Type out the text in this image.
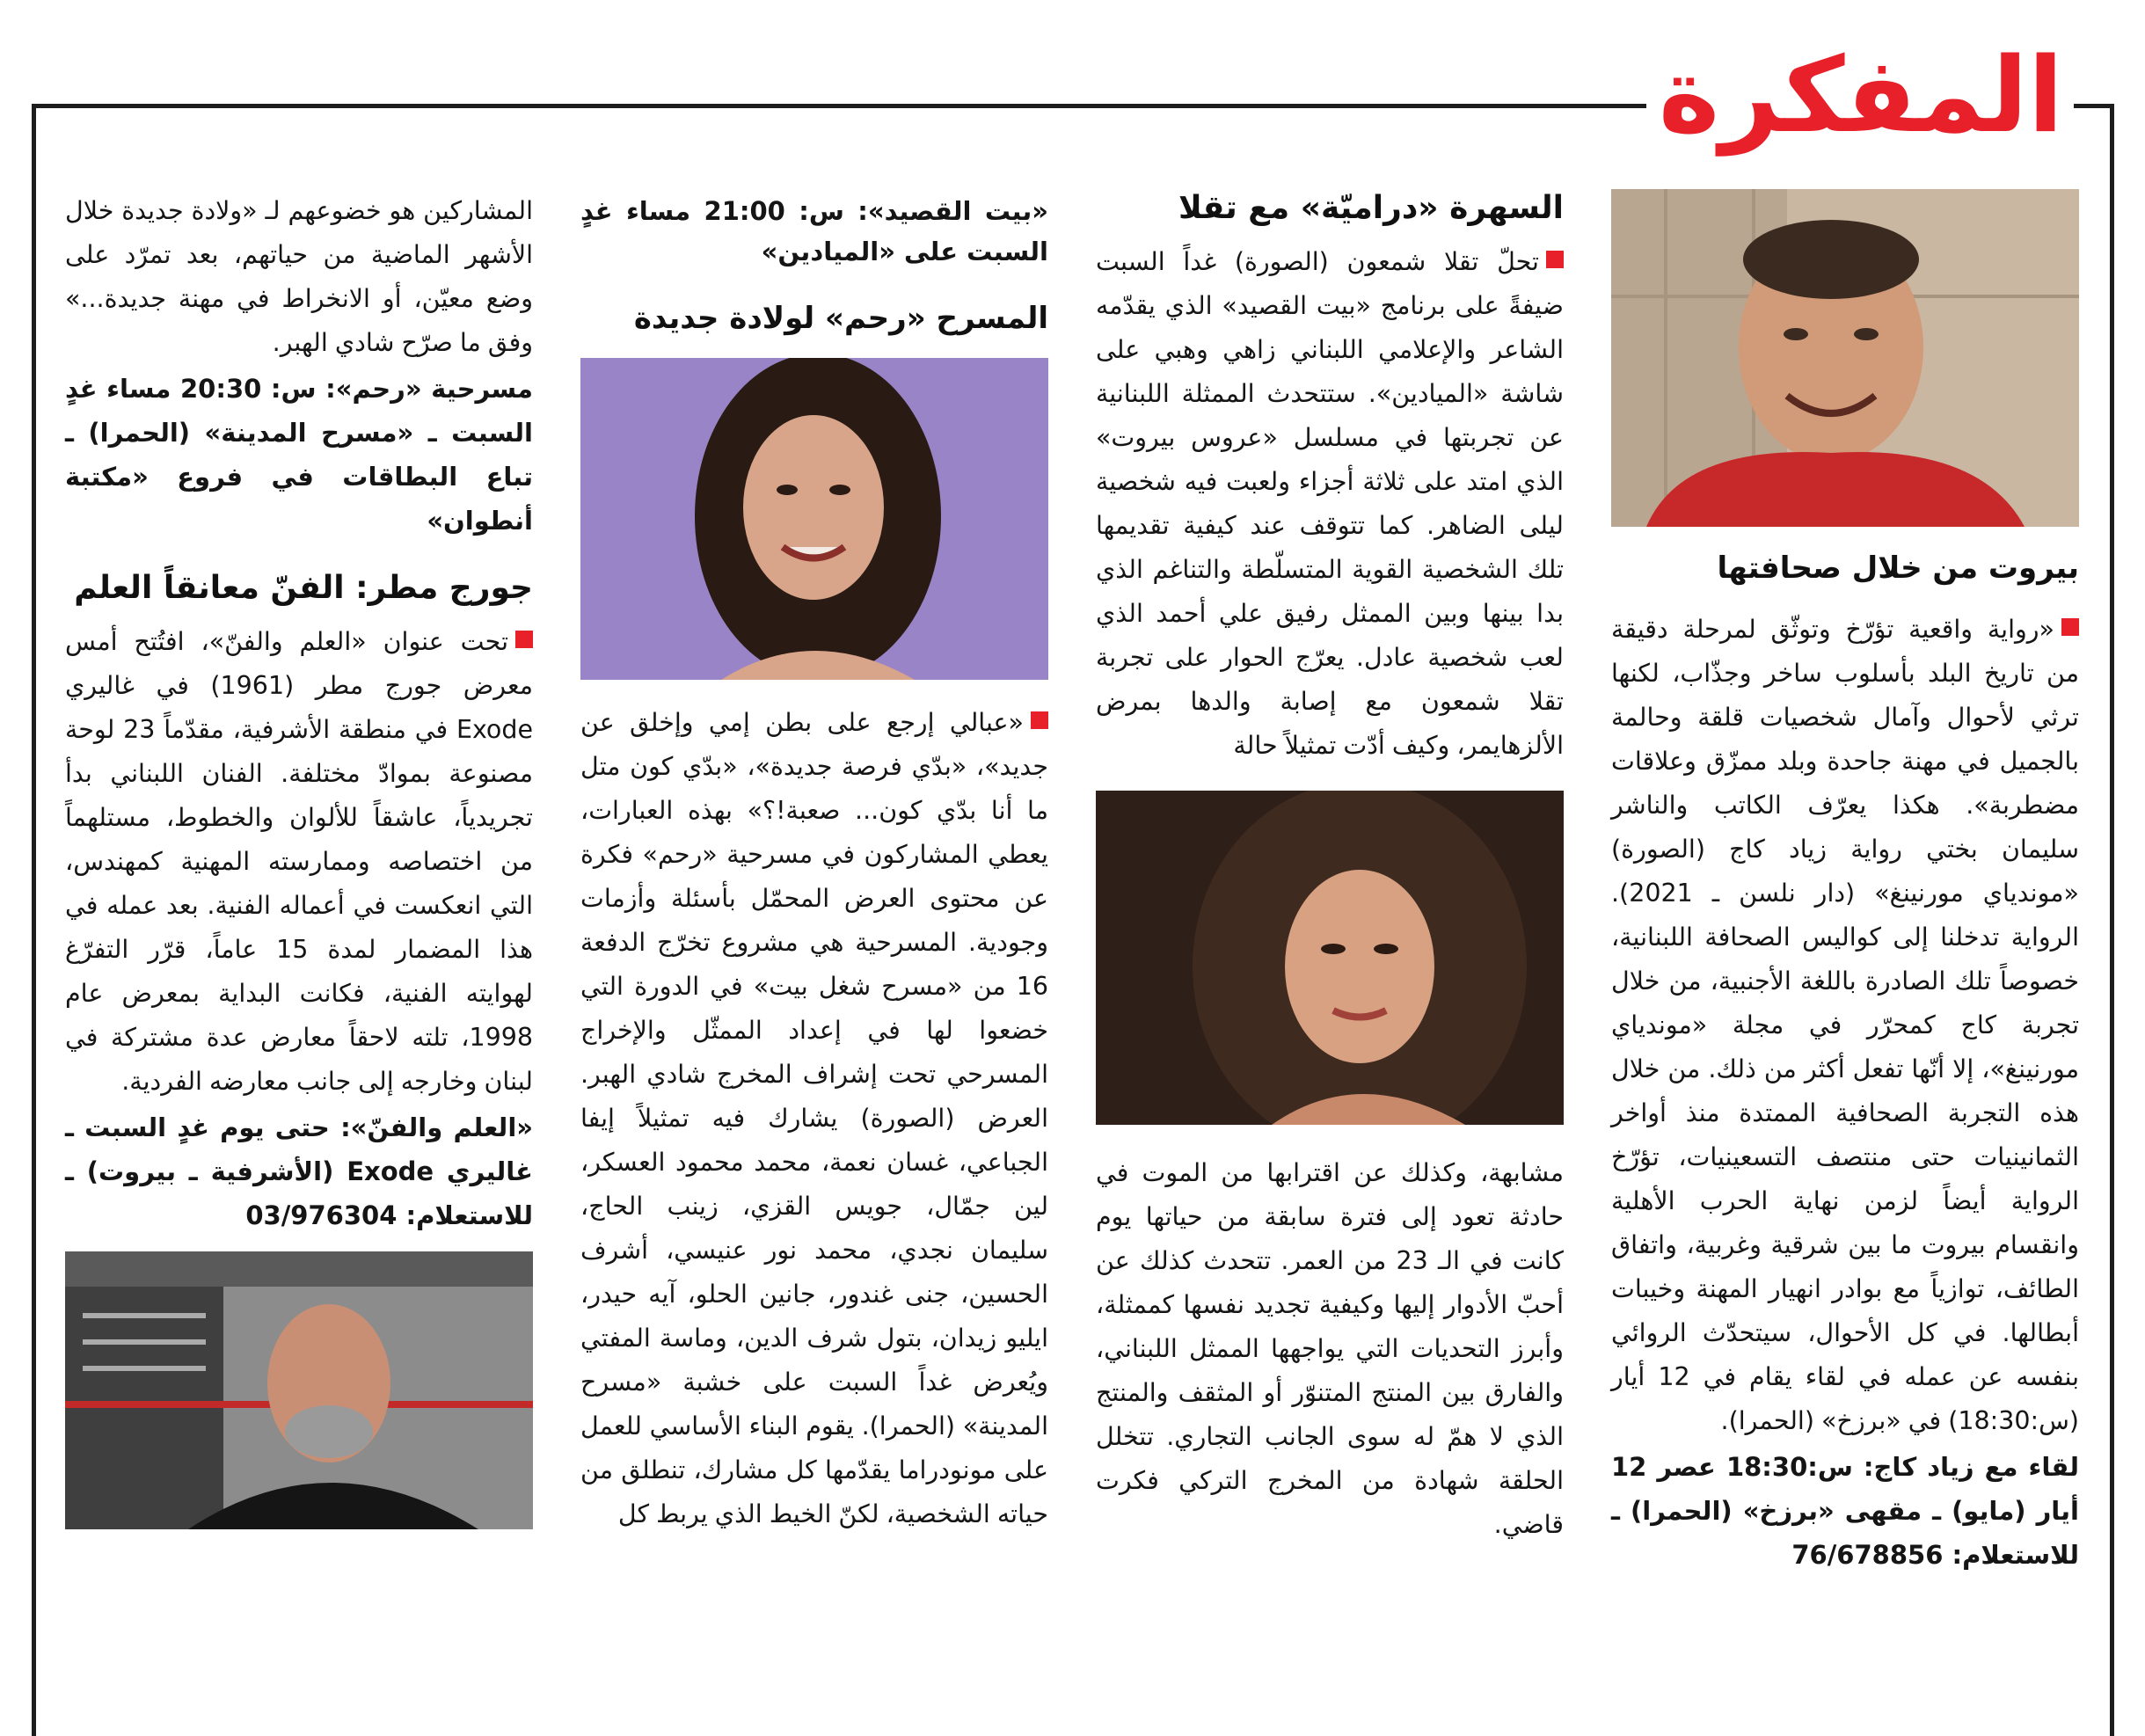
المفكرة
بيروت من خلال صحافتها
«رواية واقعية تؤرّخ وتوثّق لمرحلة دقيقة من تاريخ البلد بأسلوب ساخر وجذّاب، لكنها ترثي لأحوال وآمال شخصيات قلقة وحالمة بالجميل في مهنة جاحدة وبلد ممزّق وعلاقات مضطربة». هكذا يعرّف الكاتب والناشر سليمان بختي رواية زياد كاج (الصورة) «موندياي مورنينغ» (دار نلسن ـ 2021). الرواية تدخلنا إلى كواليس الصحافة اللبنانية، خصوصاً تلك الصادرة باللغة الأجنبية، من خلال تجربة كاج كمحرّر في مجلة «موندياي مورنينغ»، إلا أنّها تفعل أكثر من ذلك. من خلال هذه التجربة الصحافية الممتدة منذ أواخر الثمانينيات حتى منتصف التسعينيات، تؤرّخ الرواية أيضاً لزمن نهاية الحرب الأهلية وانقسام بيروت ما بين شرقية وغربية، واتفاق الطائف، توازياً مع بوادر انهيار المهنة وخيبات أبطالها. في كل الأحوال، سيتحدّث الروائي بنفسه عن عمله في لقاء يقام في 12 أيار (س:18:30) في «برزخ» (الحمرا).
لقاء مع زياد كاج: س:18:30 عصر 12 أيار (مايو) ـ مقهى «برزخ» (الحمرا) ـ للاستعلام: 76/678856
السهرة «دراميّة» مع تقلا
تحلّ تقلا شمعون (الصورة) غداً السبت ضيفةً على برنامج «بيت القصيد» الذي يقدّمه الشاعر والإعلامي اللبناني زاهي وهبي على شاشة «الميادين». ستتحدث الممثلة اللبنانية عن تجربتها في مسلسل «عروس بيروت» الذي امتد على ثلاثة أجزاء ولعبت فيه شخصية ليلى الضاهر. كما تتوقف عند كيفية تقديمها تلك الشخصية القوية المتسلّطة والتناغم الذي بدا بينها وبين الممثل رفيق علي أحمد الذي لعب شخصية عادل. يعرّج الحوار على تجربة تقلا شمعون مع إصابة والدها بمرض الألزهايمر، وكيف أدّت تمثيلاً حالة
مشابهة، وكذلك عن اقترابها من الموت في حادثة تعود إلى فترة سابقة من حياتها يوم كانت في الـ 23 من العمر. تتحدث كذلك عن أحبّ الأدوار إليها وكيفية تجديد نفسها كممثلة، وأبرز التحديات التي يواجهها الممثل اللبناني، والفارق بين المنتج المتنوّر أو المثقف والمنتج الذي لا همّ له سوى الجانب التجاري. تتخلل الحلقة شهادة من المخرج التركي فكرت قاضي.
«بيت القصيد»: س: 21:00 مساء غدٍ السبت على «الميادين»
المسرح «رحم» لولادة جديدة
«عبالي إرجع على بطن إمي وإخلق عن جديد»، «بدّي فرصة جديدة»، «بدّي كون متل ما أنا بدّي كون... صعبة!؟» بهذه العبارات، يعطي المشاركون في مسرحية «رحم» فكرة عن محتوى العرض المحمّل بأسئلة وأزمات وجودية. المسرحية هي مشروع تخرّج الدفعة 16 من «مسرح شغل بيت» في الدورة التي خضعوا لها في إعداد الممثّل والإخراج المسرحي تحت إشراف المخرج شادي الهبر. العرض (الصورة) يشارك فيه تمثيلاً إيفا الجباعي، غسان نعمة، محمد محمود العسكر، لين جمّال، جويس القزي، زينب الحاج، سليمان نجدي، محمد نور عنيسي، أشرف الحسين، جنى غندور، جانين الحلو، آيه حيدر، ايليو زيدان، بتول شرف الدين، وماسة المفتي ويُعرض غداً السبت على خشبة «مسرح المدينة» (الحمرا). يقوم البناء الأساسي للعمل على مونودراما يقدّمها كل مشارك، تنطلق من حياته الشخصية، لكنّ الخيط الذي يربط كل
المشاركين هو خضوعهم لـ «ولادة جديدة خلال الأشهر الماضية من حياتهم، بعد تمرّد على وضع معيّن، أو الانخراط في مهنة جديدة...» وفق ما صرّح شادي الهبر.
مسرحية «رحم»: س: 20:30 مساء غدٍ السبت ـ «مسرح المدينة» (الحمرا) ـ تباع البطاقات في فروع «مكتبة أنطوان»
جورج مطر: الفنّ معانقاً العلم
تحت عنوان «العلم والفنّ»، افتُتح أمس معرض جورج مطر (1961) في غاليري Exode في منطقة الأشرفية، مقدّماً 23 لوحة مصنوعة بموادّ مختلفة. الفنان اللبناني بدأ تجريدياً، عاشقاً للألوان والخطوط، مستلهماً من اختصاصه وممارسته المهنية كمهندس، التي انعكست في أعماله الفنية. بعد عمله في هذا المضمار لمدة 15 عاماً، قرّر التفرّغ لهوايته الفنية، فكانت البداية بمعرض عام 1998، تلته لاحقاً معارض عدة مشتركة في لبنان وخارجه إلى جانب معارضه الفردية.
«العلم والفنّ»: حتى يوم غدٍ السبت ـ غاليري Exode (الأشرفية ـ بيروت) ـ للاستعلام: 03/976304
